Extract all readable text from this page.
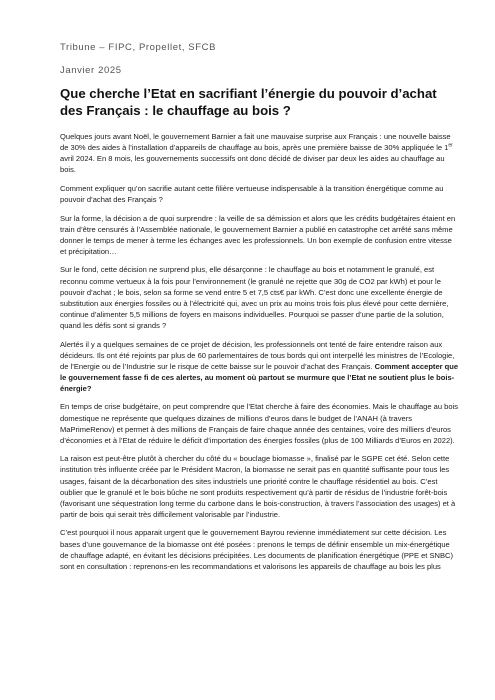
Tribune – FIPC, Propellet, SFCB
Janvier 2025
Que cherche l’Etat en sacrifiant l’énergie du pouvoir d’achat des Français : le chauffage au bois ?

Quelques jours avant Noël, le gouvernement Barnier a fait une mauvaise surprise aux Français : une nouvelle baisse de 30% des aides à l’installation d’appareils de chauffage au bois, après une première baisse de 30% appliquée le 1er avril 2024. En 8 mois, les gouvernements successifs ont donc décidé de diviser par deux les aides au chauffage au bois.

Comment expliquer qu’on sacrifie autant cette filière vertueuse indispensable à la transition énergétique comme au pouvoir d’achat des Français ?

Sur la forme, la décision a de quoi surprendre : la veille de sa démission et alors que les crédits budgétaires étaient en train d’être censurés à l’Assemblée nationale, le gouvernement Barnier a publié en catastrophe cet arrêté sans même donner le temps de mener à terme les échanges avec les professionnels. Un bon exemple de confusion entre vitesse et précipitation…

Sur le fond, cette décision ne surprend plus, elle désarçonne : le chauffage au bois et notamment le granulé, est reconnu comme vertueux à la fois pour l’environnement (le granulé ne rejette que 30g de CO2 par kWh) et pour le pouvoir d’achat ; le bois, selon sa forme se vend entre 5 et 7,5 cts€ par kWh. C’est donc une excellente énergie de substitution aux énergies fossiles ou à l’électricité qui, avec un prix au moins trois fois plus élevé pour cette dernière, continue d’alimenter 5,5 millions de foyers en maisons individuelles. Pourquoi se passer d’une partie de la solution, quand les défis sont si grands ?

Alertés il y a quelques semaines de ce projet de décision, les professionnels ont tenté de faire entendre raison aux décideurs. Ils ont été rejoints par plus de 60 parlementaires de tous bords qui ont interpellé les ministres de l’Ecologie, de l’Energie ou de l’Industrie sur le risque de cette baisse sur le pouvoir d’achat des Français. Comment accepter que le gouvernement fasse fi de ces alertes, au moment où partout se murmure que l’Etat ne soutient plus le bois-énergie?

En temps de crise budgétaire, on peut comprendre que l’Etat cherche à faire des économies. Mais le chauffage au bois domestique ne représente que quelques dizaines de millions d’euros dans le budget de l’ANAH (à travers MaPrimeRenov) et permet à des millions de Français de faire chaque année des centaines, voire des milliers d’euros d’économies et à l’Etat de réduire le déficit d’importation des énergies fossiles (plus de 100 Milliards d’Euros en 2022).

La raison est peut-être plutôt à chercher du côté du « bouclage biomasse », finalisé par le SGPE cet été. Selon cette institution très influente créée par le Président Macron, la biomasse ne serait pas en quantité suffisante pour tous les usages, faisant de la décarbonation des sites industriels une priorité contre le chauffage résidentiel au bois. C’est oublier que le granulé et le bois bûche ne sont produits respectivement qu’à partir de résidus de l’industrie forêt-bois (favorisant une séquestration long terme du carbone dans le bois-construction, à travers l’association des usages) et à partir de bois qui serait très difficilement valorisable par l’industrie.

C’est pourquoi il nous apparait urgent que le gouvernement Bayrou revienne immédiatement sur cette décision. Les bases d’une gouvernance de la biomasse ont été posées : prenons le temps de définir ensemble un mix-énergétique de chauffage adapté, en évitant les décisions précipitées. Les documents de planification énergétique (PPE et SNBC) sont en consultation : reprenons-en les recommandations et valorisons les appareils de chauffage au bois les plus
